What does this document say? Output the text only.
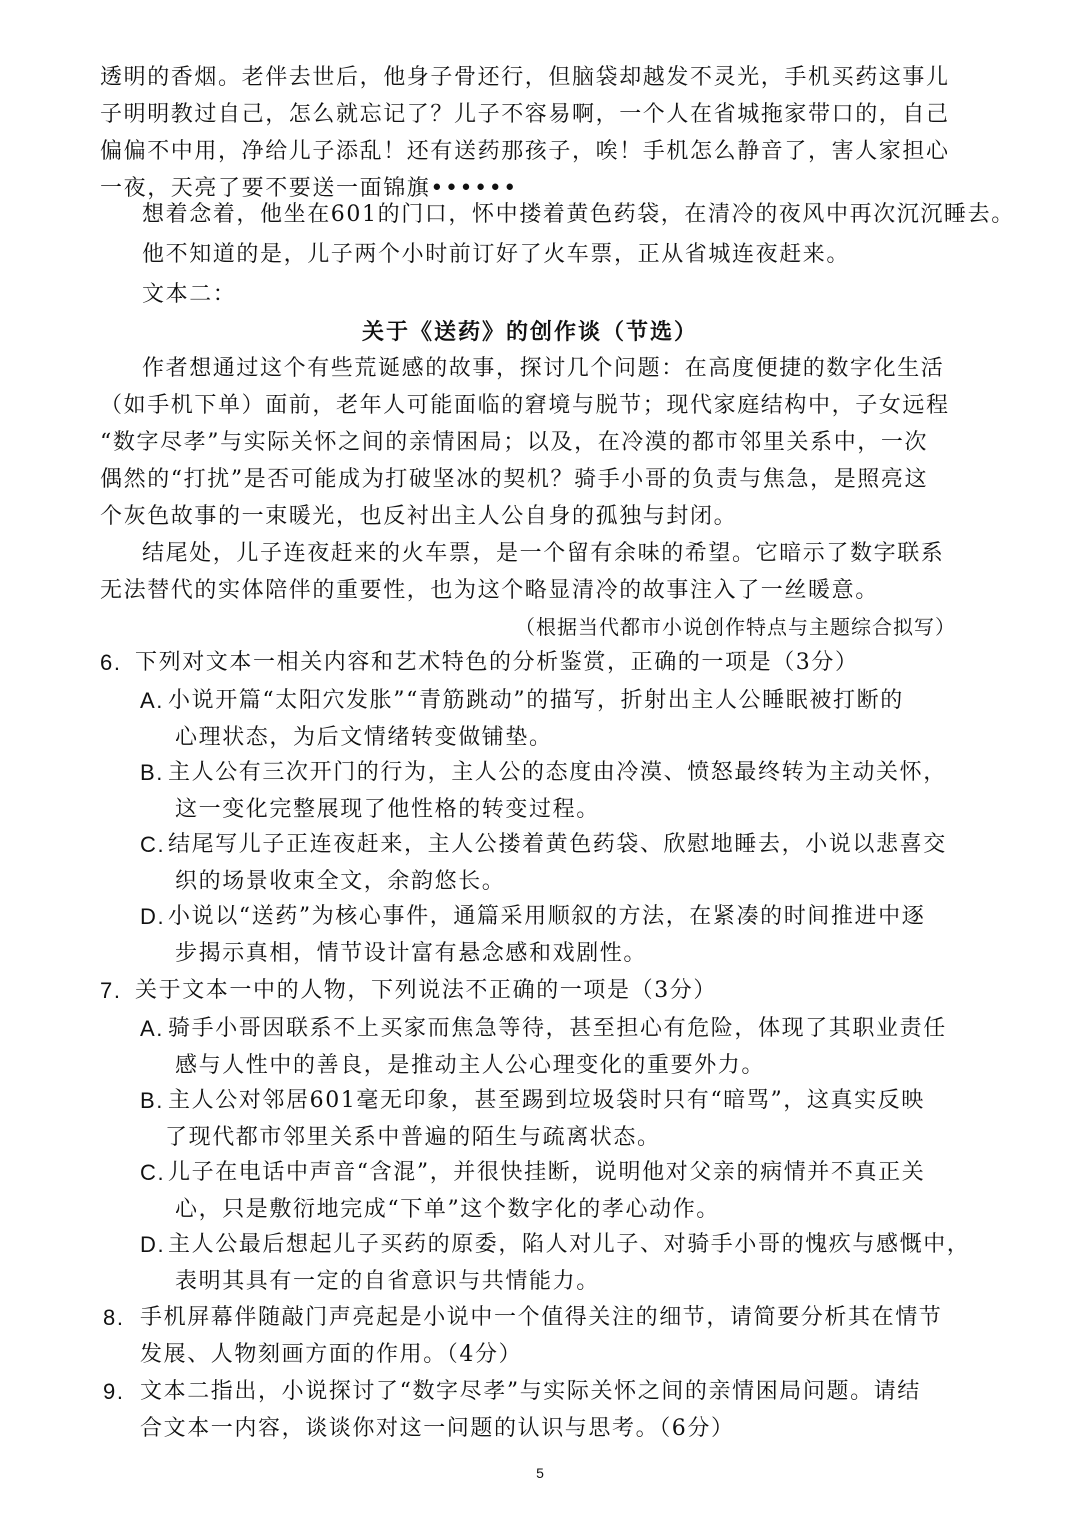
透明的香烟。老伴去世后，他身子骨还行，但脑袋却越发不灵光，手机买药这事儿
子明明教过自己，怎么就忘记了？儿子不容易啊，一个人在省城拖家带口的，自己
偏偏不中用，净给儿子添乱！还有送药那孩子，唉！手机怎么静音了，害人家担心
一夜，天亮了要不要送一面锦旗••••••
想着念着，他坐在601的门口，怀中搂着黄色药袋，在清冷的夜风中再次沉沉睡去。
他不知道的是，儿子两个小时前订好了火车票，正从省城连夜赶来。
文本二：
关于《送药》的创作谈（节选）
作者想通过这个有些荒诞感的故事，探讨几个问题：在高度便捷的数字化生活
（如手机下单）面前，老年人可能面临的窘境与脱节；现代家庭结构中，子女远程
“数字尽孝”与实际关怀之间的亲情困局；以及，在冷漠的都市邻里关系中，一次
偶然的“打扰”是否可能成为打破坚冰的契机？骑手小哥的负责与焦急，是照亮这
个灰色故事的一束暖光，也反衬出主人公自身的孤独与封闭。
结尾处，儿子连夜赶来的火车票，是一个留有余味的希望。它暗示了数字联系
无法替代的实体陪伴的重要性，也为这个略显清冷的故事注入了一丝暖意。
（根据当代都市小说创作特点与主题综合拟写）
6. 下列对文本一相关内容和艺术特色的分析鉴赏，正确的一项是（3分）
A. 小说开篇“太阳穴发胀”“青筋跳动”的描写，折射出主人公睡眠被打断的
心理状态，为后文情绪转变做铺垫。
B. 主人公有三次开门的行为，主人公的态度由冷漠、愤怒最终转为主动关怀，
这一变化完整展现了他性格的转变过程。
C. 结尾写儿子正连夜赶来，主人公搂着黄色药袋、欣慰地睡去，小说以悲喜交
织的场景收束全文，余韵悠长。
D. 小说以“送药”为核心事件，通篇采用顺叙的方法，在紧凑的时间推进中逐
步揭示真相，情节设计富有悬念感和戏剧性。
7. 关于文本一中的人物，下列说法不正确的一项是（3分）
A. 骑手小哥因联系不上买家而焦急等待，甚至担心有危险，体现了其职业责任
感与人性中的善良，是推动主人公心理变化的重要外力。
B. 主人公对邻居601毫无印象，甚至踢到垃圾袋时只有“暗骂”，这真实反映
了现代都市邻里关系中普遍的陌生与疏离状态。
C. 儿子在电话中声音“含混”，并很快挂断，说明他对父亲的病情并不真正关
心，只是敷衍地完成“下单”这个数字化的孝心动作。
D. 主人公最后想起儿子买药的原委，陷人对儿子、对骑手小哥的愧疚与感慨中，
表明其具有一定的自省意识与共情能力。
8. 手机屏幕伴随敲门声亮起是小说中一个值得关注的细节，请简要分析其在情节
发展、人物刻画方面的作用。（4分）
9. 文本二指出，小说探讨了“数字尽孝”与实际关怀之间的亲情困局问题。请结
5
合文本一内容，谈谈你对这一问题的认识与思考。（6分）
